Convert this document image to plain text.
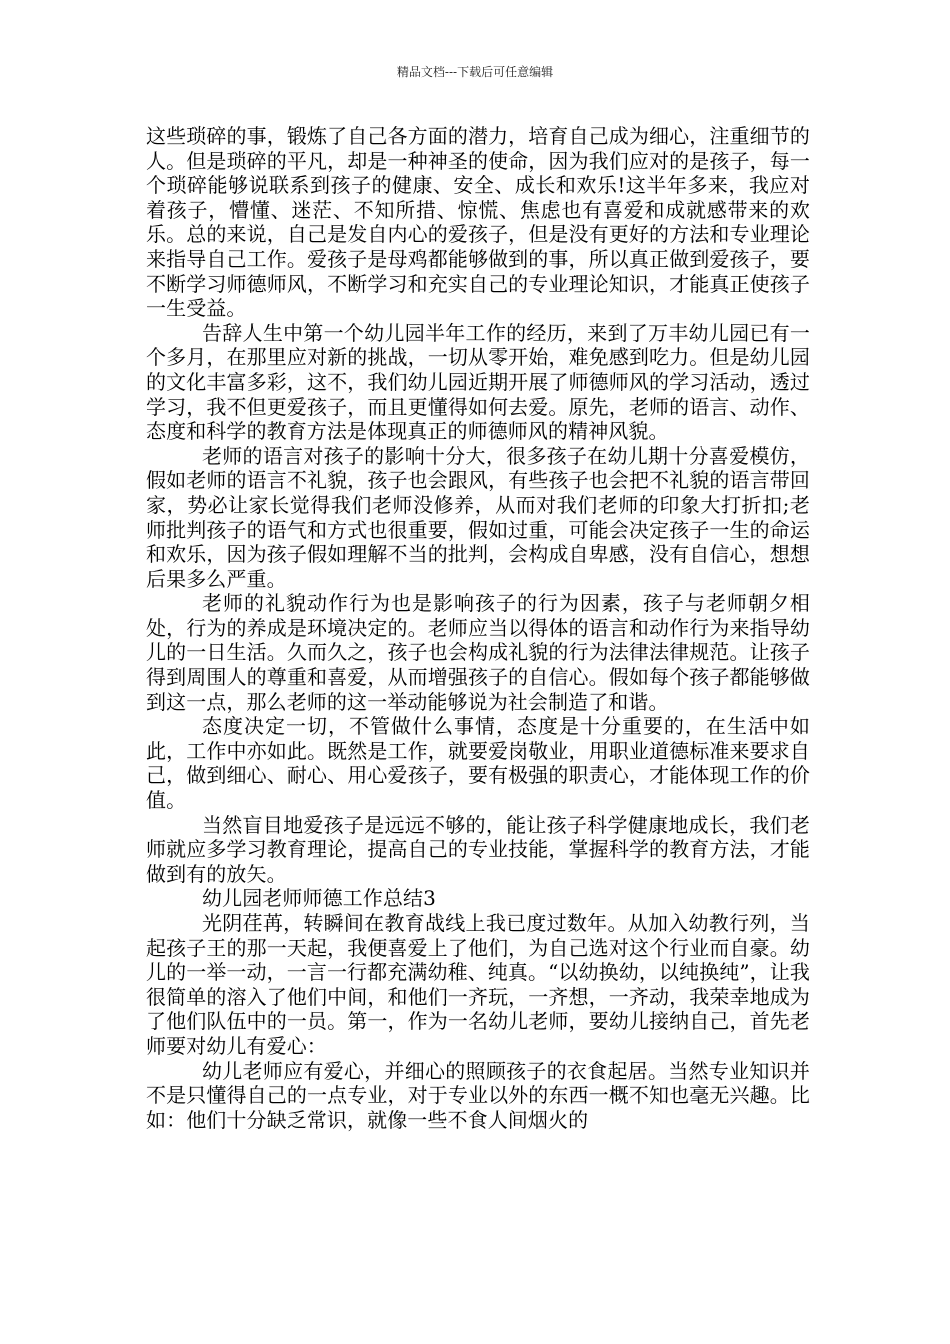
精品文档---下载后可任意编辑

这些琐碎的事，锻炼了自己各方面的潜力，培育自己成为细心，注重细节的人。但是琐碎的平凡，却是一种神圣的使命，因为我们应对的是孩子，每一个琐碎能够说联系到孩子的健康、安全、成长和欢乐!这半年多来，我应对着孩子，懵懂、迷茫、不知所措、惊慌、焦虑也有喜爱和成就感带来的欢乐。总的来说，自己是发自内心的爱孩子，但是没有更好的方法和专业理论来指导自己工作。爱孩子是母鸡都能够做到的事，所以真正做到爱孩子，要不断学习师德师风，不断学习和充实自己的专业理论知识，才能真正使孩子一生受益。

告辞人生中第一个幼儿园半年工作的经历，来到了万丰幼儿园已有一个多月，在那里应对新的挑战，一切从零开始，难免感到吃力。但是幼儿园的文化丰富多彩，这不，我们幼儿园近期开展了师德师风的学习活动，透过学习，我不但更爱孩子，而且更懂得如何去爱。原先，老师的语言、动作、态度和科学的教育方法是体现真正的师德师风的精神风貌。

老师的语言对孩子的影响十分大，很多孩子在幼儿期十分喜爱模仿，假如老师的语言不礼貌，孩子也会跟风，有些孩子也会把不礼貌的语言带回家，势必让家长觉得我们老师没修养，从而对我们老师的印象大打折扣;老师批判孩子的语气和方式也很重要，假如过重，可能会决定孩子一生的命运和欢乐，因为孩子假如理解不当的批判，会构成自卑感，没有自信心，想想后果多么严重。

老师的礼貌动作行为也是影响孩子的行为因素，孩子与老师朝夕相处，行为的养成是环境决定的。老师应当以得体的语言和动作行为来指导幼儿的一日生活。久而久之，孩子也会构成礼貌的行为法律法律规范。让孩子得到周围人的尊重和喜爱，从而增强孩子的自信心。假如每个孩子都能够做到这一点，那么老师的这一举动能够说为社会制造了和谐。

态度决定一切，不管做什么事情，态度是十分重要的，在生活中如此，工作中亦如此。既然是工作，就要爱岗敬业，用职业道德标准来要求自己，做到细心、耐心、用心爱孩子，要有极强的职责心，才能体现工作的价值。

当然盲目地爱孩子是远远不够的，能让孩子科学健康地成长，我们老师就应多学习教育理论，提高自己的专业技能，掌握科学的教育方法，才能做到有的放矢。

幼儿园老师师德工作总结3

光阴荏苒，转瞬间在教育战线上我已度过数年。从加入幼教行列，当起孩子王的那一天起，我便喜爱上了他们，为自己选对这个行业而自豪。幼儿的一举一动，一言一行都充满幼稚、纯真。“以幼换幼，以纯换纯”，让我很简单的溶入了他们中间，和他们一齐玩，一齐想，一齐动，我荣幸地成为了他们队伍中的一员。第一，作为一名幼儿老师，要幼儿接纳自己，首先老师要对幼儿有爱心：

幼儿老师应有爱心，并细心的照顾孩子的衣食起居。当然专业知识并不是只懂得自己的一点专业，对于专业以外的东西一概不知也毫无兴趣。比如：他们十分缺乏常识，就像一些不食人间烟火的
